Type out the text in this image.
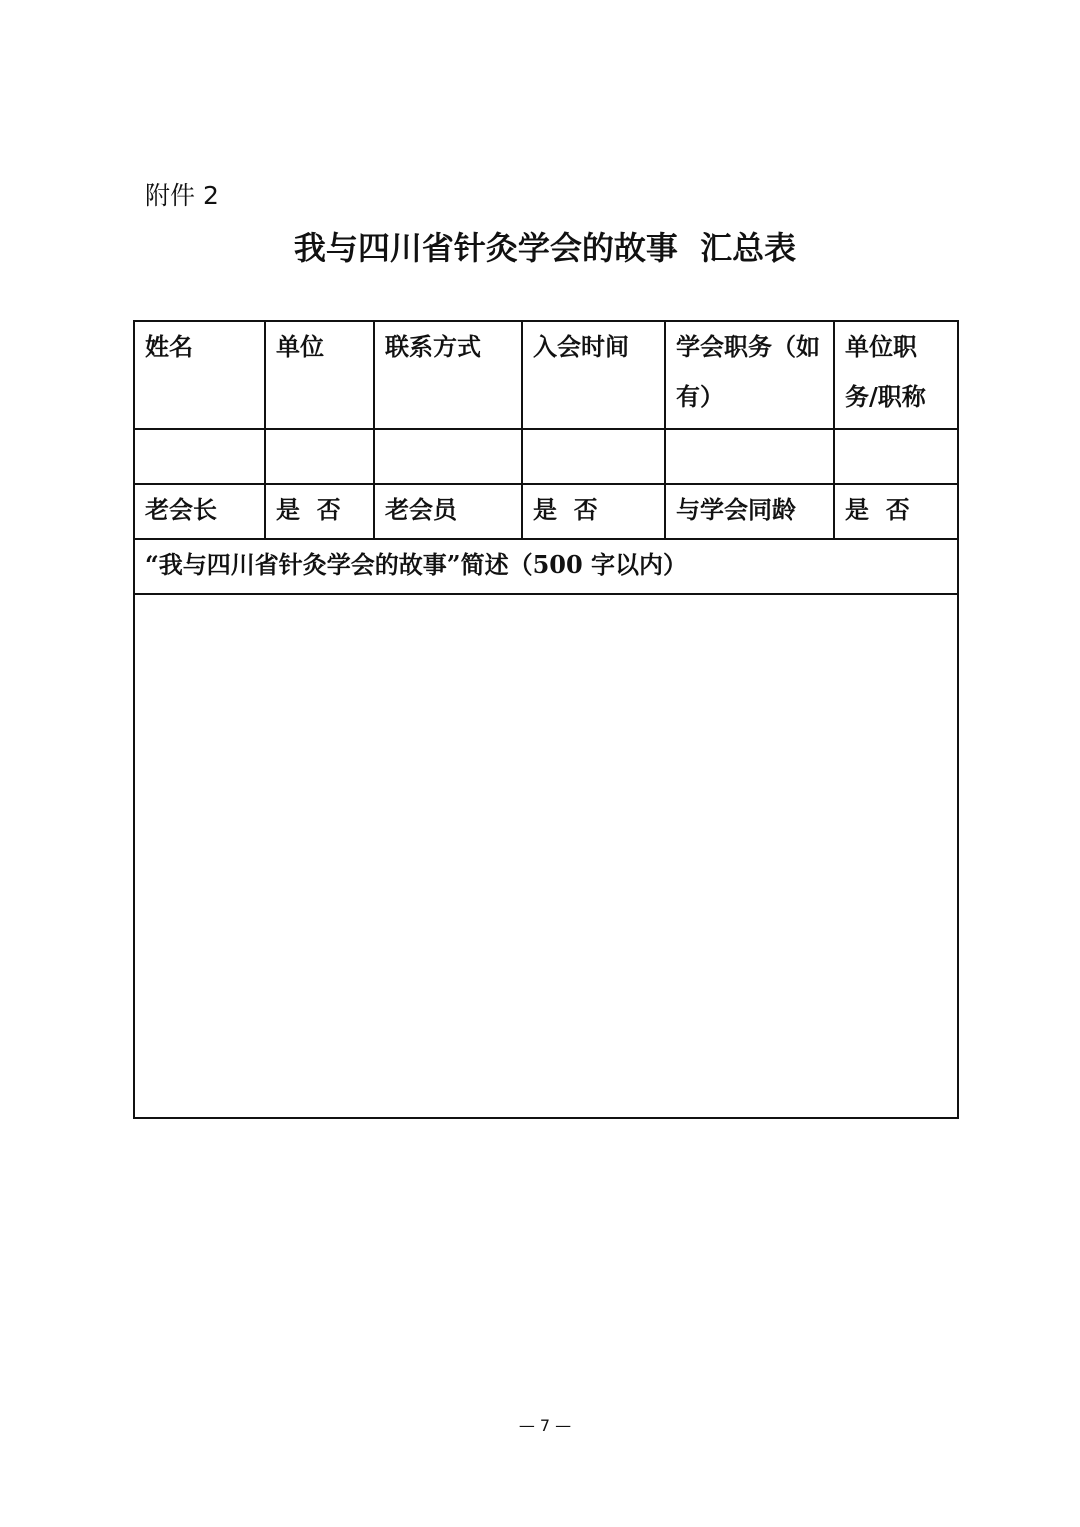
附件 2
我与四川省针灸学会的故事  汇总表
姓名	单位	联系方式	入会时间	学会职务（如有）	单位职务/职称

老会长	是  否	老会员	是  否	与学会同龄	是  否
“我与四川省针灸学会的故事”简述（500 字以内）					

— 7 —
